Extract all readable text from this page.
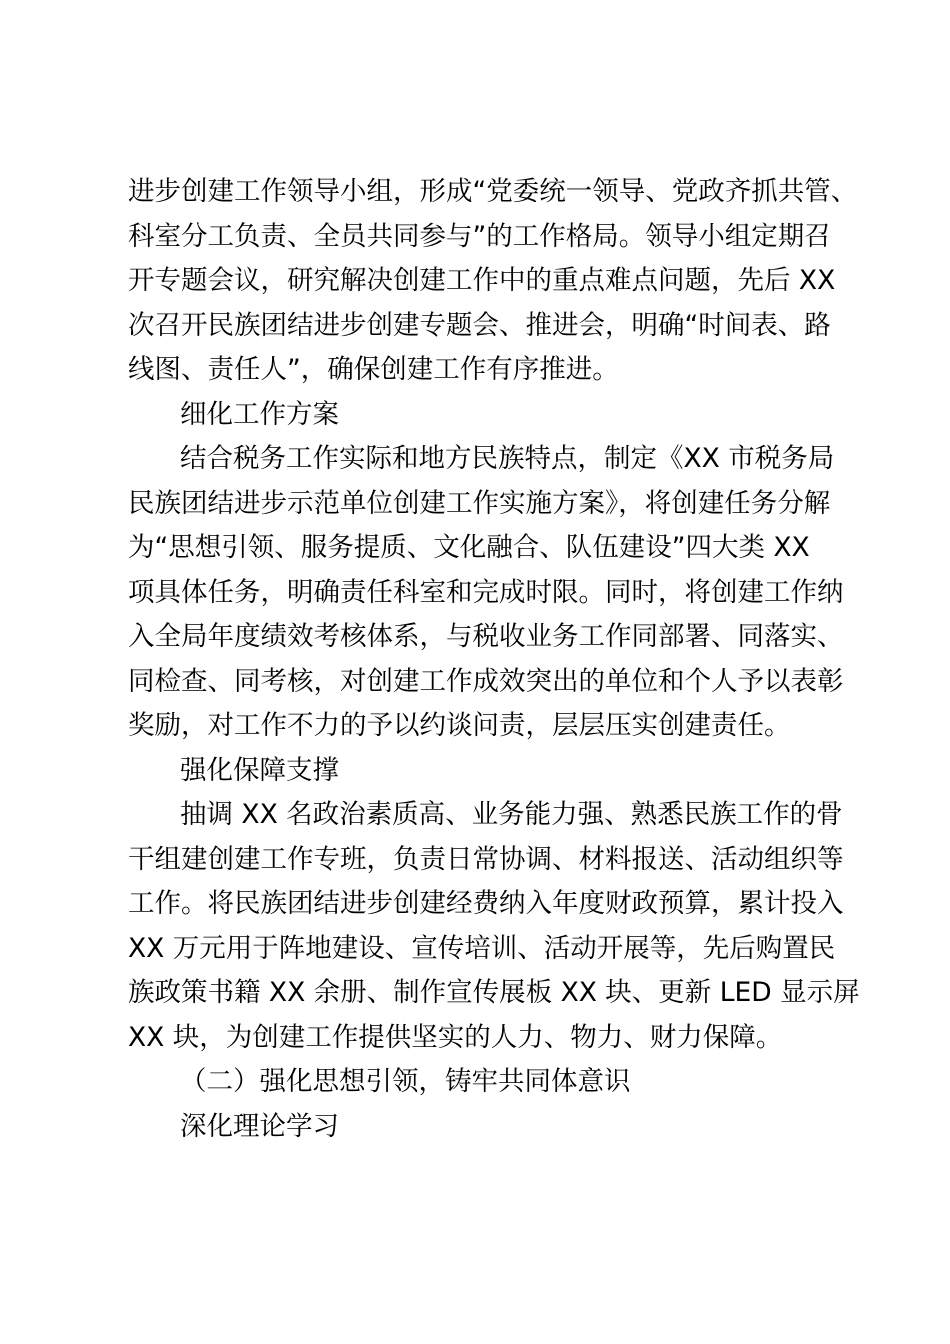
进步创建工作领导小组，形成“党委统一领导、党政齐抓共管、
科室分工负责、全员共同参与”的工作格局。领导小组定期召
开专题会议，研究解决创建工作中的重点难点问题，先后 XX
次召开民族团结进步创建专题会、推进会，明确“时间表、路
线图、责任人”，确保创建工作有序推进。
细化工作方案
结合税务工作实际和地方民族特点，制定《XX 市税务局
民族团结进步示范单位创建工作实施方案》，将创建任务分解
为“思想引领、服务提质、文化融合、队伍建设”四大类 XX
项具体任务，明确责任科室和完成时限。同时，将创建工作纳
入全局年度绩效考核体系，与税收业务工作同部署、同落实、
同检查、同考核，对创建工作成效突出的单位和个人予以表彰
奖励，对工作不力的予以约谈问责，层层压实创建责任。
强化保障支撑
抽调 XX 名政治素质高、业务能力强、熟悉民族工作的骨
干组建创建工作专班，负责日常协调、材料报送、活动组织等
工作。将民族团结进步创建经费纳入年度财政预算，累计投入
XX 万元用于阵地建设、宣传培训、活动开展等，先后购置民
族政策书籍 XX 余册、制作宣传展板 XX 块、更新 LED 显示屏
XX 块，为创建工作提供坚实的人力、物力、财力保障。
（二）强化思想引领，铸牢共同体意识
深化理论学习
